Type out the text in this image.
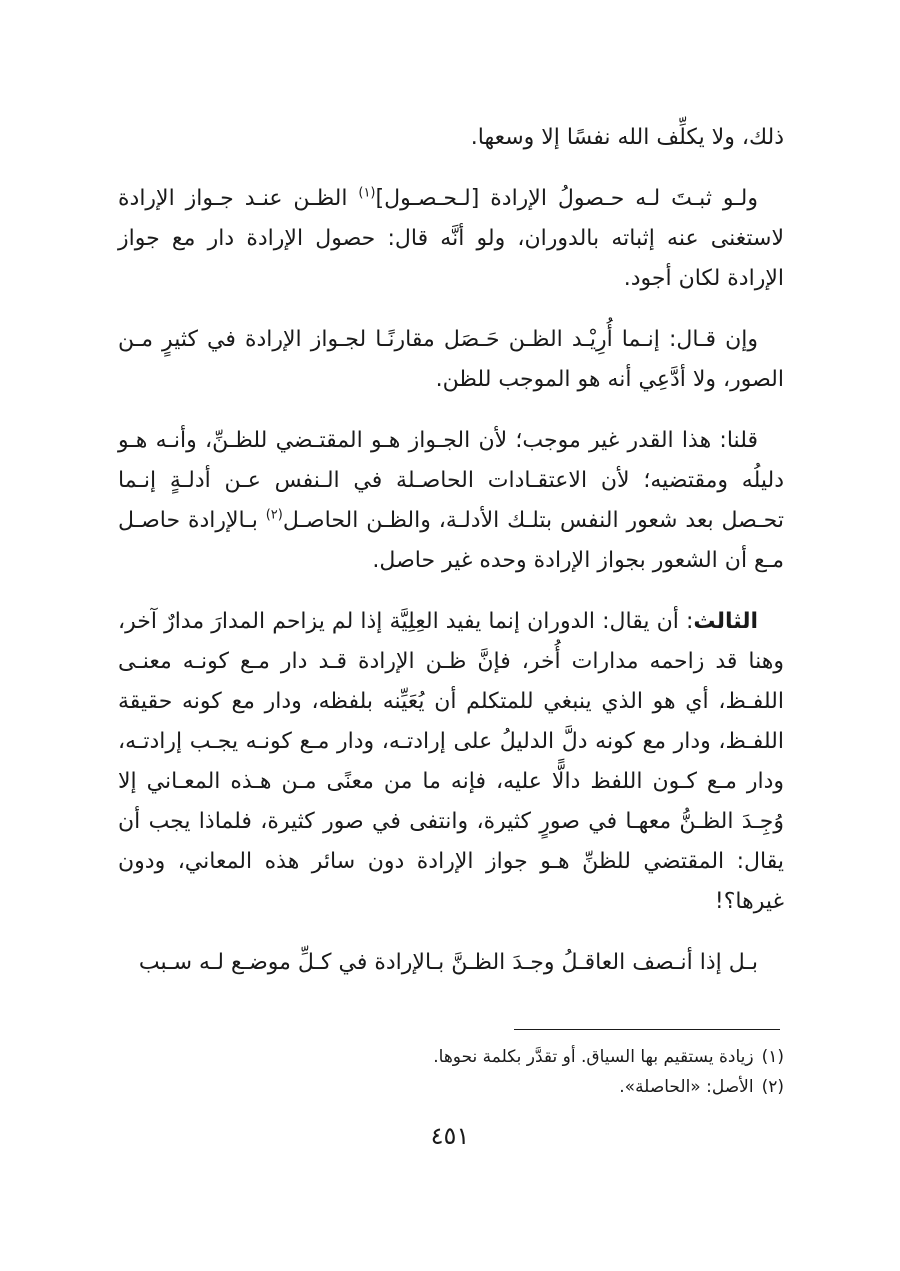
ذلك، ولا يكلِّف الله نفسًا إلا وسعها.

ولـو ثبـتَ لـه حـصولُ الإرادة [لـحـصـول]$^{(١)}$ الظـن عنـد جـواز الإرادة لاستغنى عنه إثباته بالدوران، ولو أنَّه قال: حصول الإرادة دار مع جواز الإرادة لكان أجود.

وإن قـال: إنـما أُرِيْـد الظـن حَـصَل مقارنًـا لجـواز الإرادة في كثيرٍ مـن الصور، ولا أدَّعِي أنه هو الموجب للظن.

قلنا: هذا القدر غير موجب؛ لأن الجـواز هـو المقتـضي للظـنِّ، وأنـه هـو دليلُه ومقتضيه؛ لأن الاعتقـادات الحاصـلة في الـنفس عـن أدلـةٍ إنـما تحـصل بعد شعور النفس بتلـك الأدلـة، والظـن الحاصـل$^{(٢)}$ بـالإرادة حاصـل مـع أن الشعور بجواز الإرادة وحده غير حاصل.

الثالث: أن يقال: الدوران إنما يفيد العِلِيَّة إذا لم يزاحم المدارَ مدارٌ آخر، وهنا قد زاحمه مدارات أُخر، فإنَّ ظـن الإرادة قـد دار مـع كونـه معنـى اللفـظ، أي هو الذي ينبغي للمتكلم أن يُعَيِّنه بلفظه، ودار مع كونه حقيقة اللفـظ، ودار مع كونه دلَّ الدليلُ على إرادتـه، ودار مـع كونـه يجـب إرادتـه، ودار مـع كـون اللفظ دالًّا عليه، فإنه ما من معنًى مـن هـذه المعـاني إلا وُجِـدَ الظـنُّ معهـا في صورٍ كثيرة، وانتفى في صور كثيرة، فلماذا يجب أن يقال: المقتضي للظنِّ هـو جواز الإرادة دون سائر هذه المعاني، ودون غيرها؟!

بـل إذا أنـصف العاقـلُ وجـدَ الظـنَّ بـالإرادة في كـلِّ موضـع لـه سـبب

(١)زيادة يستقيم بها السياق. أو تقدَّر بكلمة نحوها.

(٢)الأصل: «الحاصلة».

٤٥١
